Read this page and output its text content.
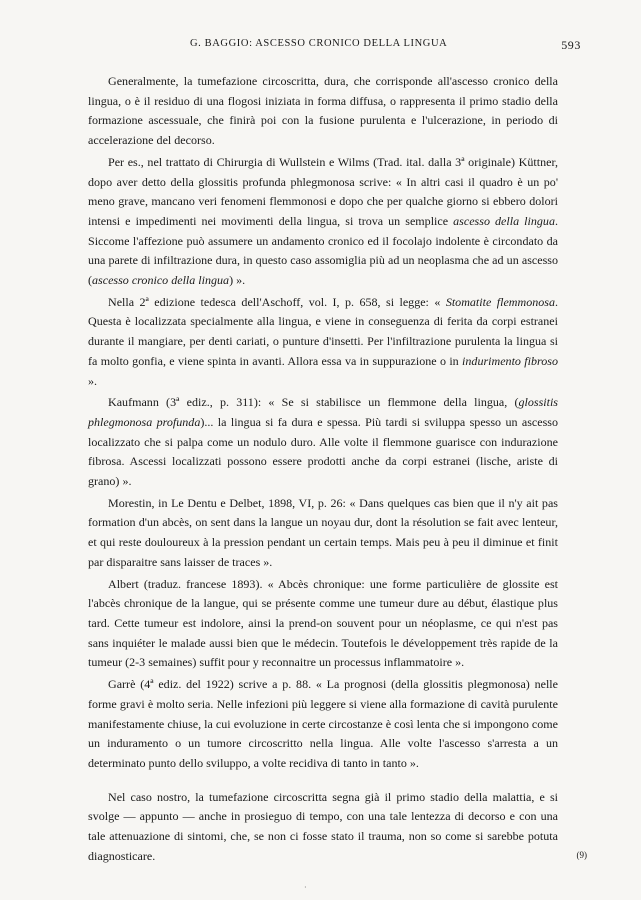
G. BAGGIO: ASCESSO CRONICO DELLA LINGUA	593

Generalmente, la tumefazione circoscritta, dura, che corrisponde all'ascesso cronico della lingua, o è il residuo di una flogosi iniziata in forma diffusa, o rappresenta il primo stadio della formazione ascessuale, che finirà poi con la fusione purulenta e l'ulcerazione, in periodo di accelerazione del decorso.

Per es., nel trattato di Chirurgia di Wullstein e Wilms (Trad. ital. dalla 3ª originale) Küttner, dopo aver detto della glossitis profunda phlegmonosa scrive: « In altri casi il quadro è un po' meno grave, mancano veri fenomeni flemmonosi e dopo che per qualche giorno si ebbero dolori intensi e impedimenti nei movimenti della lingua, si trova un semplice ascesso della lingua. Siccome l'affezione può assumere un andamento cronico ed il focolajo indolente è circondato da una parete di infiltrazione dura, in questo caso assomiglia più ad un neoplasma che ad un ascesso (ascesso cronico della lingua) ».

Nella 2ª edizione tedesca dell'Aschoff, vol. I, p. 658, si legge: « Stomatite flemmonosa. Questa è localizzata specialmente alla lingua, e viene in conseguenza di ferita da corpi estranei durante il mangiare, per denti cariati, o punture d'insetti. Per l'infiltrazione purulenta la lingua si fa molto gonfia, e viene spinta in avanti. Allora essa va in suppurazione o in indurimento fibroso ».

Kaufmann (3ª ediz., p. 311): « Se si stabilisce un flemmone della lingua, (glossitis phlegmonosa profunda)... la lingua si fa dura e spessa. Più tardi si sviluppa spesso un ascesso localizzato che si palpa come un nodulo duro. Alle volte il flemmone guarisce con indurazione fibrosa. Ascessi localizzati possono essere prodotti anche da corpi estranei (lische, ariste di grano) ».

Morestin, in Le Dentu e Delbet, 1898, VI, p. 26: « Dans quelques cas bien que il n'y ait pas formation d'un abcès, on sent dans la langue un noyau dur, dont la résolution se fait avec lenteur, et qui reste douloureux à la pression pendant un certain temps. Mais peu à peu il diminue et finit par disparaitre sans laisser de traces ».

Albert (traduz. francese 1893). « Abcès chronique: une forme particulière de glossite est l'abcès chronique de la langue, qui se présente comme une tumeur dure au début, élastique plus tard. Cette tumeur est indolore, ainsi la prend-on souvent pour un néoplasme, ce qui n'est pas sans inquiéter le malade aussi bien que le médecin. Toutefois le développement très rapide de la tumeur (2-3 semaines) suffit pour y reconnaitre un processus inflammatoire ».

Garrè (4ª ediz. del 1922) scrive a p. 88. « La prognosi (della glossitis plegmonosa) nelle forme gravi è molto seria. Nelle infezioni più leggere si viene alla formazione di cavità purulente manifestamente chiuse, la cui evoluzione in certe circostanze è così lenta che si impongono come un induramento o un tumore circoscritto nella lingua. Alle volte l'ascesso s'arresta a un determinato punto dello sviluppo, a volte recidiva di tanto in tanto ».

Nel caso nostro, la tumefazione circoscritta segna già il primo stadio della malattia, e si svolge — appunto — anche in prosieguo di tempo, con una tale lentezza di decorso e con una tale attenuazione di sintomi, che, se non ci fosse stato il trauma, non so come si sarebbe potuta diagnosticare.	(9)
·
